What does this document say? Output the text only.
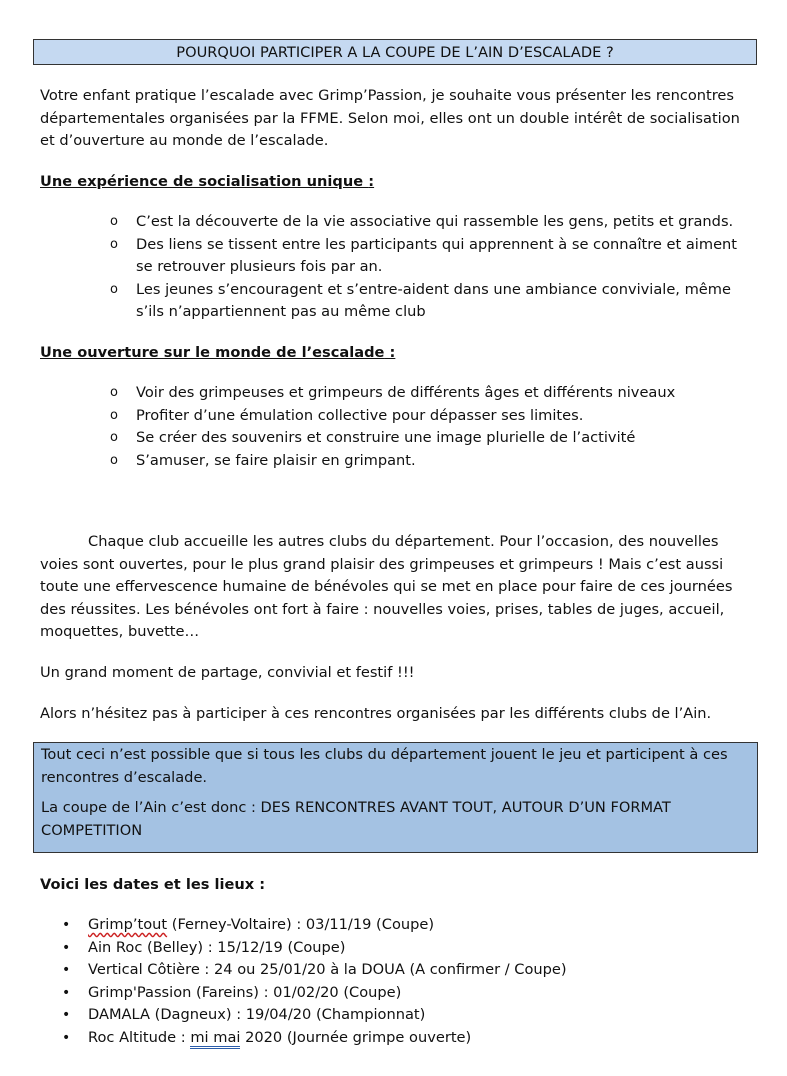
POURQUOI PARTICIPER A LA COUPE DE L’AIN D’ESCALADE ?

Votre enfant pratique l’escalade avec Grimp’Passion, je souhaite vous présenter les rencontres départementales organisées par la FFME. Selon moi, elles ont un double intérêt de socialisation et d’ouverture au monde de l’escalade.

Une expérience de socialisation unique :
o C’est la découverte de la vie associative qui rassemble les gens, petits et grands.
o Des liens se tissent entre les participants qui apprennent à se connaître et aiment se retrouver plusieurs fois par an.
o Les jeunes s’encouragent et s’entre-aident dans une ambiance conviviale, même s’ils n’appartiennent pas au même club
Une ouverture sur le monde de l’escalade :
o Voir des grimpeuses et grimpeurs de différents âges et différents niveaux
o Profiter d’une émulation collective pour dépasser ses limites.
o Se créer des souvenirs et construire une image plurielle de l’activité
o S’amuser, se faire plaisir en grimpant.

Chaque club accueille les autres clubs du département. Pour l’occasion, des nouvelles voies sont ouvertes, pour le plus grand plaisir des grimpeuses et grimpeurs ! Mais c’est aussi toute une effervescence humaine de bénévoles qui se met en place pour faire de ces journées des réussites. Les bénévoles ont fort à faire : nouvelles voies, prises, tables de juges, accueil, moquettes, buvette…

Un grand moment de partage, convivial et festif !!!

Alors n’hésitez pas à participer à ces rencontres organisées par les différents clubs de l’Ain.

Tout ceci n’est possible que si tous les clubs du département jouent le jeu et participent à ces rencontres d’escalade.

La coupe de l’Ain c’est donc : DES RENCONTRES AVANT TOUT, AUTOUR D’UN FORMAT COMPETITION

Voici les dates et les lieux :
• Grimp’tout (Ferney-Voltaire) : 03/11/19 (Coupe)
• Ain Roc (Belley) : 15/12/19 (Coupe)
• Vertical Côtière : 24 ou 25/01/20 à la DOUA (A confirmer / Coupe)
• Grimp'Passion (Fareins) : 01/02/20 (Coupe)
• DAMALA (Dagneux) : 19/04/20 (Championnat)
• Roc Altitude : mi mai 2020 (Journée grimpe ouverte)
